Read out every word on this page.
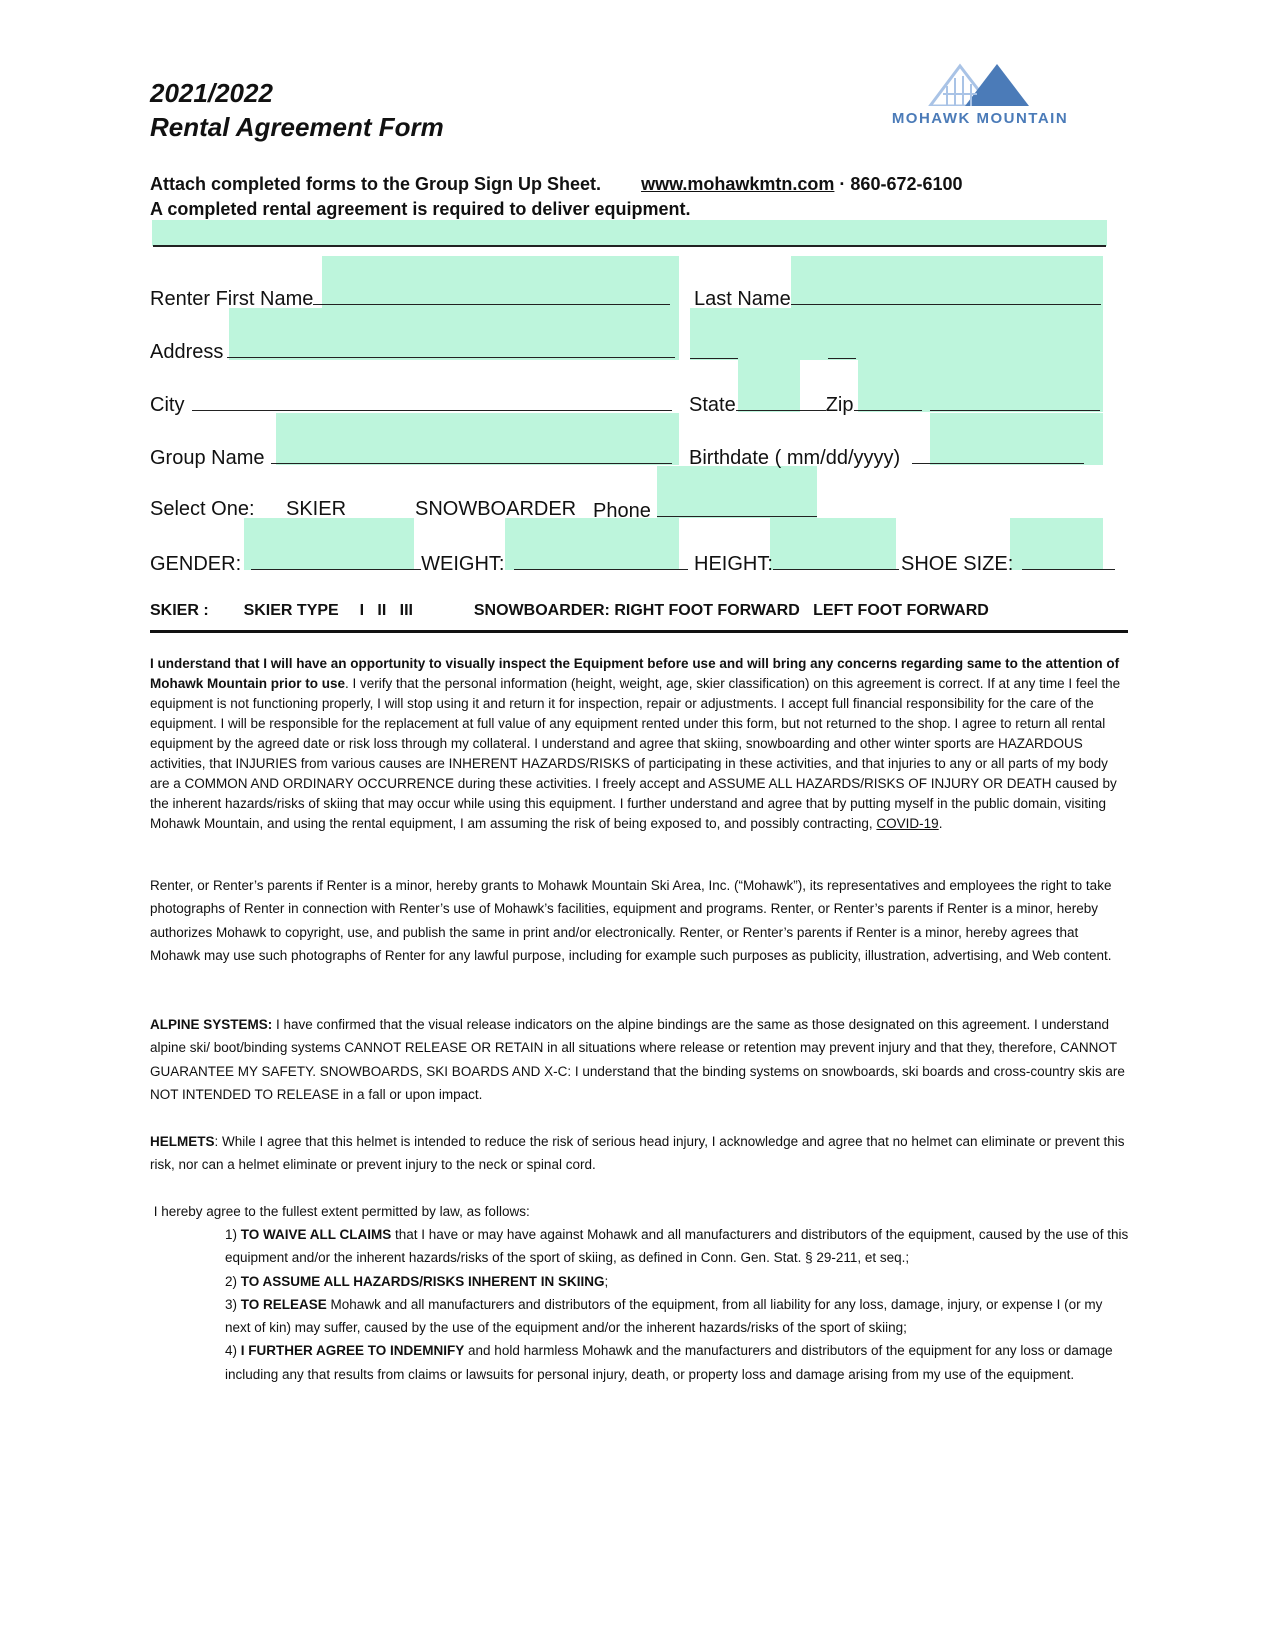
2021/2022
Rental Agreement Form	MOHAWK MOUNTAIN
Attach completed forms to the Group Sign Up Sheet. www.mohawkmtn.com · 860-672-6100
A completed rental agreement is required to deliver equipment.
Renter First Name	Last Name
Address
City	State	Zip
Group Name	Birthdate ( mm/dd/yyyy)
Select One: SKIER	SNOWBOARDER Phone
GENDER:	WEIGHT:	HEIGHT:	SHOE SIZE:
SKIER : SKIER TYPE I   II   III	SNOWBOARDER: RIGHT FOOT FORWARD   LEFT FOOT FORWARD
I understand that I will have an opportunity to visually inspect the Equipment before use and will bring any concerns regarding same to the attention of Mohawk Mountain prior to use. I verify that the personal information (height, weight, age, skier classification) on this agreement is correct. If at any time I feel the equipment is not functioning properly, I will stop using it and return it for inspection, repair or adjustments. I accept full financial responsibility for the care of the equipment. I will be responsible for the replacement at full value of any equipment rented under this form, but not returned to the shop. I agree to return all rental equipment by the agreed date or risk loss through my collateral. I understand and agree that skiing, snowboarding and other winter sports are HAZARDOUS activities, that INJURIES from various causes are INHERENT HAZARDS/RISKS of participating in these activities, and that injuries to any or all parts of my body are a COMMON AND ORDINARY OCCURRENCE during these activities. I freely accept and ASSUME ALL HAZARDS/RISKS OF INJURY OR DEATH caused by the inherent hazards/risks of skiing that may occur while using this equipment. I further understand and agree that by putting myself in the public domain, visiting Mohawk Mountain, and using the rental equipment, I am assuming the risk of being exposed to, and possibly contracting, COVID-19.
Renter, or Renter’s parents if Renter is a minor, hereby grants to Mohawk Mountain Ski Area, Inc. (“Mohawk”), its representatives and employees the right to take photographs of Renter in connection with Renter’s use of Mohawk’s facilities, equipment and programs. Renter, or Renter’s parents if Renter is a minor, hereby authorizes Mohawk to copyright, use, and publish the same in print and/or electronically. Renter, or Renter’s parents if Renter is a minor, hereby agrees that Mohawk may use such photographs of Renter for any lawful purpose, including for example such purposes as publicity, illustration, advertising, and Web content.
ALPINE SYSTEMS: I have confirmed that the visual release indicators on the alpine bindings are the same as those designated on this agreement. I understand alpine ski/ boot/binding systems CANNOT RELEASE OR RETAIN in all situations where release or retention may prevent injury and that they, therefore, CANNOT GUARANTEE MY SAFETY. SNOWBOARDS, SKI BOARDS AND X-C: I understand that the binding systems on snowboards, ski boards and cross-country skis are NOT INTENDED TO RELEASE in a fall or upon impact.
HELMETS: While I agree that this helmet is intended to reduce the risk of serious head injury, I acknowledge and agree that no helmet can eliminate or prevent this risk, nor can a helmet eliminate or prevent injury to the neck or spinal cord.
I hereby agree to the fullest extent permitted by law, as follows:
1) TO WAIVE ALL CLAIMS that I have or may have against Mohawk and all manufacturers and distributors of the equipment, caused by the use of this equipment and/or the inherent hazards/risks of the sport of skiing, as defined in Conn. Gen. Stat. § 29-211, et seq.;
2) TO ASSUME ALL HAZARDS/RISKS INHERENT IN SKIING;
3) TO RELEASE Mohawk and all manufacturers and distributors of the equipment, from all liability for any loss, damage, injury, or expense I (or my next of kin) may suffer, caused by the use of the equipment and/or the inherent hazards/risks of the sport of skiing;
4) I FURTHER AGREE TO INDEMNIFY and hold harmless Mohawk and the manufacturers and distributors of the equipment for any loss or damage including any that results from claims or lawsuits for personal injury, death, or property loss and damage arising from my use of the equipment.
